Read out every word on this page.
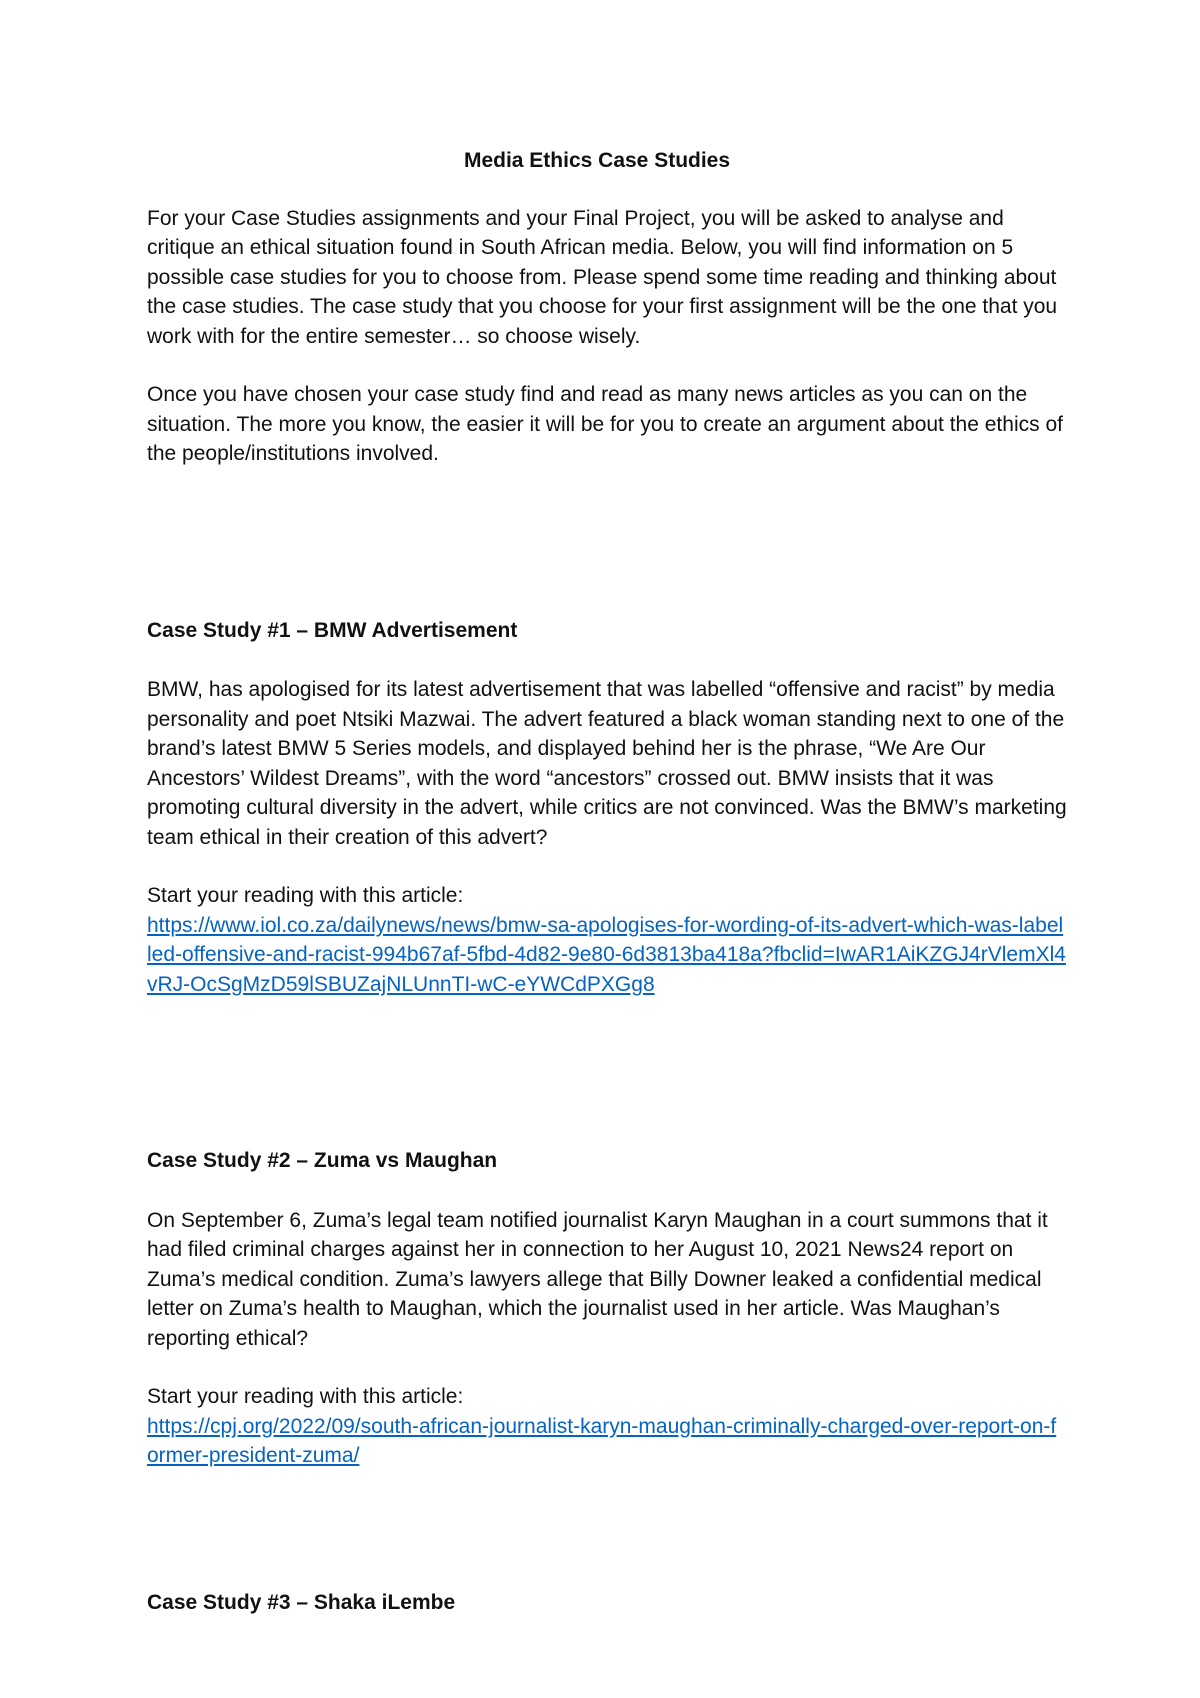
Media Ethics Case Studies

For your Case Studies assignments and your Final Project, you will be asked to analyse and critique an ethical situation found in South African media. Below, you will find information on 5 possible case studies for you to choose from. Please spend some time reading and thinking about the case studies. The case study that you choose for your first assignment will be the one that you work with for the entire semester… so choose wisely.

Once you have chosen your case study find and read as many news articles as you can on the situation. The more you know, the easier it will be for you to create an argument about the ethics of the people/institutions involved.

Case Study #1 – BMW Advertisement

BMW, has apologised for its latest advertisement that was labelled “offensive and racist” by media personality and poet Ntsiki Mazwai. The advert featured a black woman standing next to one of the brand’s latest BMW 5 Series models, and displayed behind her is the phrase, “We Are Our Ancestors’ Wildest Dreams”, with the word “ancestors” crossed out. BMW insists that it was promoting cultural diversity in the advert, while critics are not convinced. Was the BMW’s marketing team ethical in their creation of this advert?

Start your reading with this article:
https://www.iol.co.za/dailynews/news/bmw-sa-apologises-for-wording-of-its-advert-which-was-labelled-offensive-and-racist-994b67af-5fbd-4d82-9e80-6d3813ba418a?fbclid=IwAR1AiKZGJ4rVlemXl4vRJ-OcSgMzD59lSBUZajNLUnnTI-wC-eYWCdPXGg8

Case Study #2 – Zuma vs Maughan

On September 6, Zuma’s legal team notified journalist Karyn Maughan in a court summons that it had filed criminal charges against her in connection to her August 10, 2021 News24 report on Zuma’s medical condition. Zuma’s lawyers allege that Billy Downer leaked a confidential medical letter on Zuma’s health to Maughan, which the journalist used in her article. Was Maughan’s reporting ethical?

Start your reading with this article:
https://cpj.org/2022/09/south-african-journalist-karyn-maughan-criminally-charged-over-report-on-former-president-zuma/

Case Study #3 – Shaka iLembe
